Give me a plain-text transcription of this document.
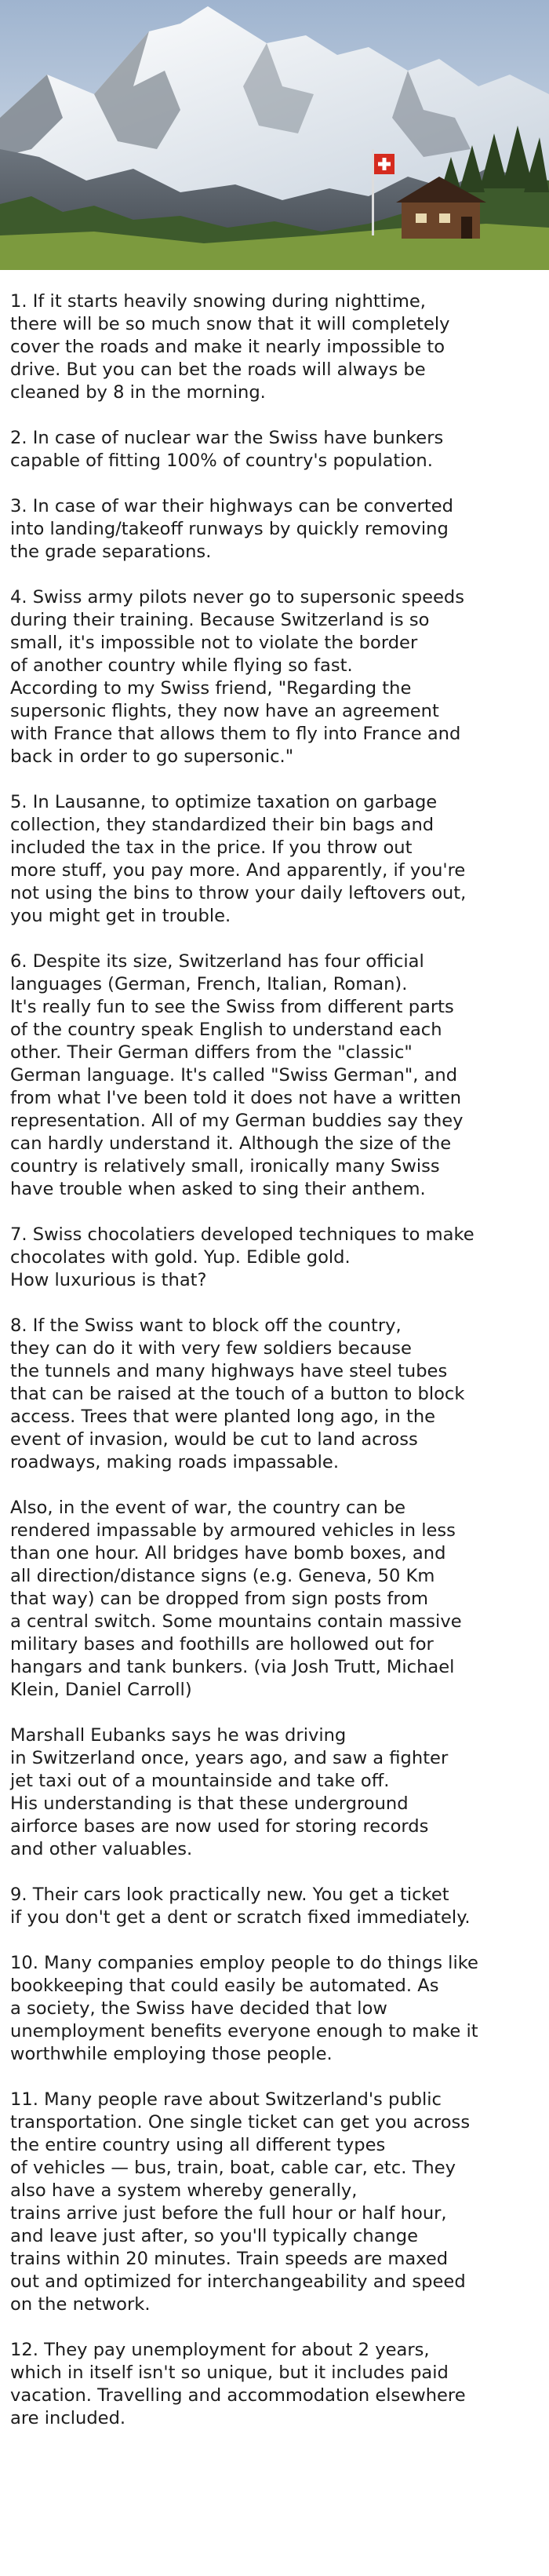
1. If it starts heavily snowing during nighttime,
there will be so much snow that it will completely
cover the roads and make it nearly impossible to
drive. But you can bet the roads will always be
cleaned by 8 in the morning.

2. In case of nuclear war the Swiss have bunkers
capable of fitting 100% of country's population.

3. In case of war their highways can be converted
into landing/takeoff runways by quickly removing
the grade separations.

4. Swiss army pilots never go to supersonic speeds
during their training. Because Switzerland is so
small, it's impossible not to violate the border
of another country while flying so fast.
According to my Swiss friend, "Regarding the
supersonic flights, they now have an agreement
with France that allows them to fly into France and
back in order to go supersonic."

5. In Lausanne, to optimize taxation on garbage
collection, they standardized their bin bags and
included the tax in the price. If you throw out
more stuff, you pay more. And apparently, if you're
not using the bins to throw your daily leftovers out,
you might get in trouble.

6. Despite its size, Switzerland has four official
languages (German, French, Italian, Roman).
It's really fun to see the Swiss from different parts
of the country speak English to understand each
other. Their German differs from the "classic"
German language. It's called "Swiss German", and
from what I've been told it does not have a written
representation. All of my German buddies say they
can hardly understand it. Although the size of the
country is relatively small, ironically many Swiss
have trouble when asked to sing their anthem.

7. Swiss chocolatiers developed techniques to make
chocolates with gold. Yup. Edible gold.
How luxurious is that?

8. If the Swiss want to block off the country,
they can do it with very few soldiers because
the tunnels and many highways have steel tubes
that can be raised at the touch of a button to block
access. Trees that were planted long ago, in the
event of invasion, would be cut to land across
roadways, making roads impassable.

Also, in the event of war, the country can be
rendered impassable by armoured vehicles in less
than one hour. All bridges have bomb boxes, and
all direction/distance signs (e.g. Geneva, 50 Km
that way) can be dropped from sign posts from
a central switch. Some mountains contain massive
military bases and foothills are hollowed out for
hangars and tank bunkers. (via Josh Trutt, Michael
Klein, Daniel Carroll)

Marshall Eubanks says he was driving
in Switzerland once, years ago, and saw a fighter
jet taxi out of a mountainside and take off.
His understanding is that these underground
airforce bases are now used for storing records
and other valuables.

9. Their cars look practically new. You get a ticket
if you don't get a dent or scratch fixed immediately.

10. Many companies employ people to do things like
bookkeeping that could easily be automated. As
a society, the Swiss have decided that low
unemployment benefits everyone enough to make it
worthwhile employing those people.

11. Many people rave about Switzerland's public
transportation. One single ticket can get you across
the entire country using all different types
of vehicles — bus, train, boat, cable car, etc. They
also have a system whereby generally,
trains arrive just before the full hour or half hour,
and leave just after, so you'll typically change
trains within 20 minutes. Train speeds are maxed
out and optimized for interchangeability and speed
on the network.

12. They pay unemployment for about 2 years,
which in itself isn't so unique, but it includes paid
vacation. Travelling and accommodation elsewhere
are included.
